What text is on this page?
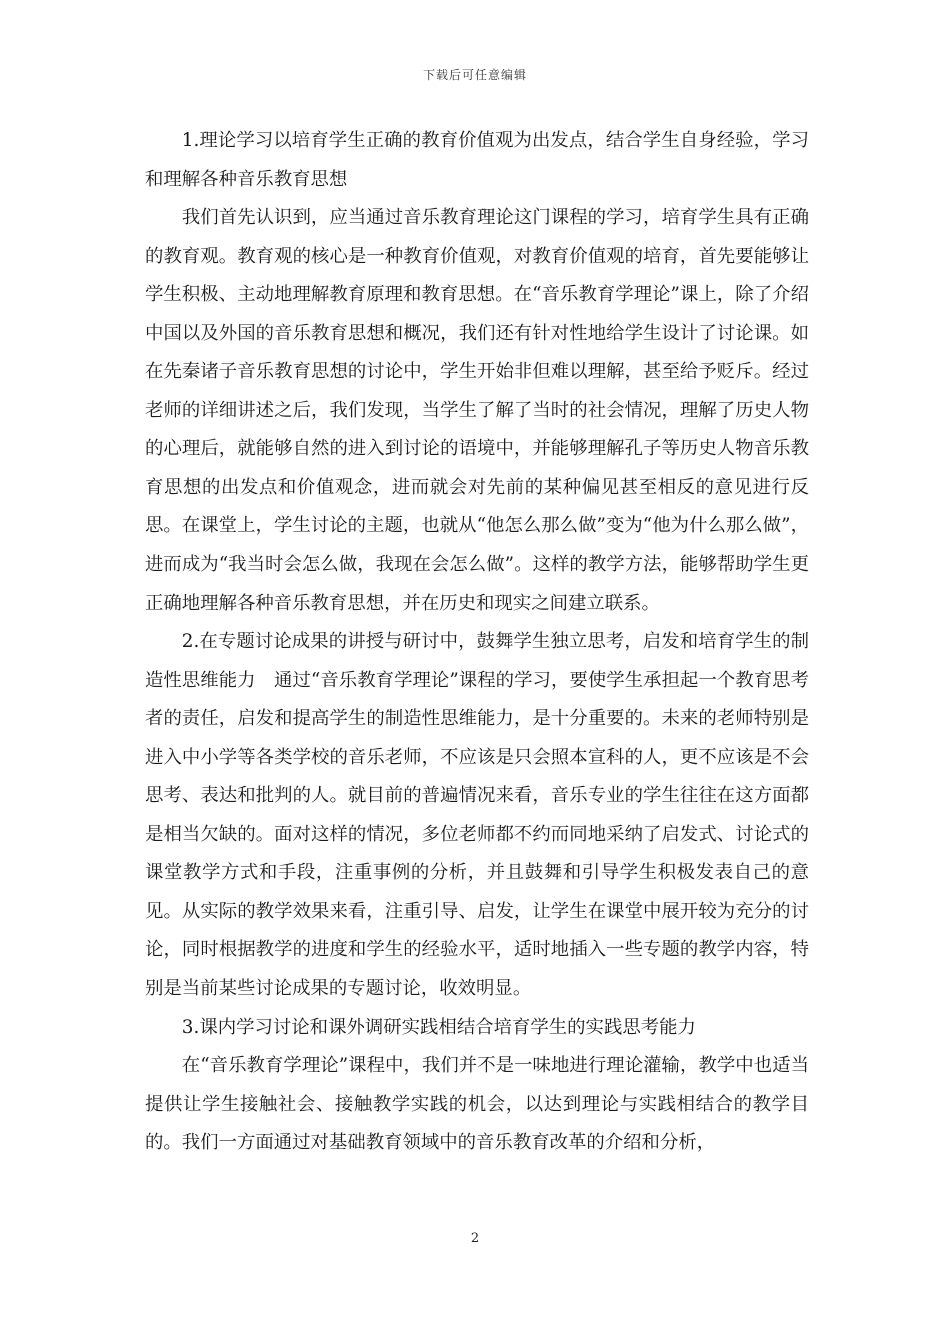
下载后可任意编辑

1.理论学习以培育学生正确的教育价值观为出发点，结合学生自身经验，学习和理解各种音乐教育思想

我们首先认识到，应当通过音乐教育理论这门课程的学习，培育学生具有正确的教育观。教育观的核心是一种教育价值观，对教育价值观的培育，首先要能够让学生积极、主动地理解教育原理和教育思想。在“音乐教育学理论”课上，除了介绍中国以及外国的音乐教育思想和概况，我们还有针对性地给学生设计了讨论课。如在先秦诸子音乐教育思想的讨论中，学生开始非但难以理解，甚至给予贬斥。经过老师的详细讲述之后，我们发现，当学生了解了当时的社会情况，理解了历史人物的心理后，就能够自然的进入到讨论的语境中，并能够理解孔子等历史人物音乐教育思想的出发点和价值观念，进而就会对先前的某种偏见甚至相反的意见进行反思。在课堂上，学生讨论的主题，也就从“他怎么那么做”变为“他为什么那么做”，进而成为“我当时会怎么做，我现在会怎么做”。这样的教学方法，能够帮助学生更正确地理解各种音乐教育思想，并在历史和现实之间建立联系。

2.在专题讨论成果的讲授与研讨中，鼓舞学生独立思考，启发和培育学生的制造性思维能力　通过“音乐教育学理论”课程的学习，要使学生承担起一个教育思考者的责任，启发和提高学生的制造性思维能力，是十分重要的。未来的老师特别是进入中小学等各类学校的音乐老师，不应该是只会照本宣科的人，更不应该是不会思考、表达和批判的人。就目前的普遍情况来看，音乐专业的学生往往在这方面都是相当欠缺的。面对这样的情况，多位老师都不约而同地采纳了启发式、讨论式的课堂教学方式和手段，注重事例的分析，并且鼓舞和引导学生积极发表自己的意见。从实际的教学效果来看，注重引导、启发，让学生在课堂中展开较为充分的讨论，同时根据教学的进度和学生的经验水平，适时地插入一些专题的教学内容，特别是当前某些讨论成果的专题讨论，收效明显。

3.课内学习讨论和课外调研实践相结合培育学生的实践思考能力

在“音乐教育学理论”课程中，我们并不是一味地进行理论灌输，教学中也适当提供让学生接触社会、接触教学实践的机会，以达到理论与实践相结合的教学目的。我们一方面通过对基础教育领域中的音乐教育改革的介绍和分析，

2
